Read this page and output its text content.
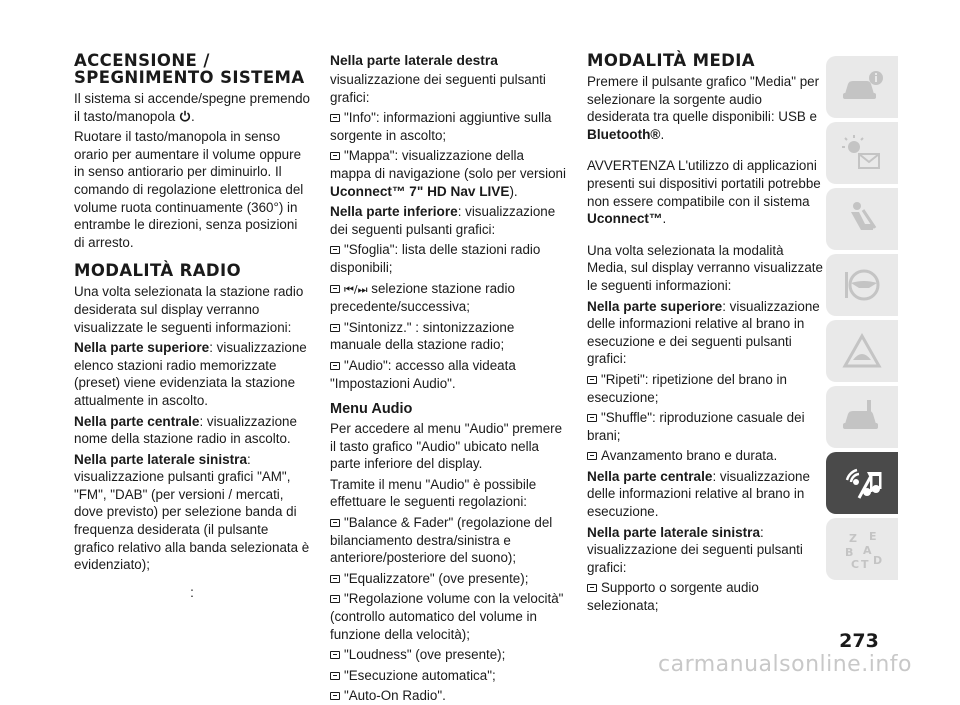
ACCENSIONE /
SPEGNIMENTO SISTEMA

Il sistema si accende/spegne premendo il tasto/manopola .

Ruotare il tasto/manopola in senso orario per aumentare il volume oppure in senso antiorario per diminuirlo. Il comando di regolazione elettronica del volume ruota continuamente (360°) in entrambe le direzioni, senza posizioni di arresto.

MODALITÀ RADIO

Una volta selezionata la stazione radio desiderata sul display verranno visualizzate le seguenti informazioni:

Nella parte superiore: visualizzazione elenco stazioni radio memorizzate (preset) viene evidenziata la stazione attualmente in ascolto.

Nella parte centrale: visualizzazione nome della stazione radio in ascolto.

Nella parte laterale sinistra: visualizzazione pulsanti grafici "AM", "FM", "DAB" (per versioni / mercati, dove previsto) per selezione banda di frequenza desiderata (il pulsante grafico relativo alla banda selezionata è evidenziato);

:

Nella parte laterale destra

visualizzazione dei seguenti pulsanti grafici:

"Info": informazioni aggiuntive sulla sorgente in ascolto;

"Mappa": visualizzazione della mappa di navigazione (solo per versioni Uconnect™ 7" HD Nav LIVE).

Nella parte inferiore: visualizzazione dei seguenti pulsanti grafici:

"Sfoglia": lista delle stazioni radio disponibili;

⏮/⏭ selezione stazione radio precedente/successiva;

"Sintonizz." : sintonizzazione manuale della stazione radio;

"Audio": accesso alla videata "Impostazioni Audio".

Menu Audio

Per accedere al menu "Audio" premere il tasto grafico "Audio" ubicato nella parte inferiore del display.

Tramite il menu "Audio" è possibile effettuare le seguenti regolazioni:

"Balance & Fader" (regolazione del bilanciamento destra/sinistra e anteriore/posteriore del suono);

"Equalizzatore" (ove presente);

"Regolazione volume con la velocità" (controllo automatico del volume in funzione della velocità);

"Loudness" (ove presente);

"Esecuzione automatica";

"Auto-On Radio".

MODALITÀ MEDIA

Premere il pulsante grafico "Media" per selezionare la sorgente audio desiderata tra quelle disponibili: USB e Bluetooth®.

AVVERTENZA L'utilizzo di applicazioni presenti sui dispositivi portatili potrebbe non essere compatibile con il sistema Uconnect™.

Una volta selezionata la modalità Media, sul display verranno visualizzate le seguenti informazioni:

Nella parte superiore: visualizzazione delle informazioni relative al brano in esecuzione e dei seguenti pulsanti grafici:

"Ripeti": ripetizione del brano in esecuzione;

"Shuffle": riproduzione casuale dei brani;

Avanzamento brano e durata.

Nella parte centrale: visualizzazione delle informazioni relative al brano in esecuzione.

Nella parte laterale sinistra: visualizzazione dei seguenti pulsanti grafici:

Supporto o sorgente audio selezionata;

Z E
B A
C T D
273
carmanualsonline.info
